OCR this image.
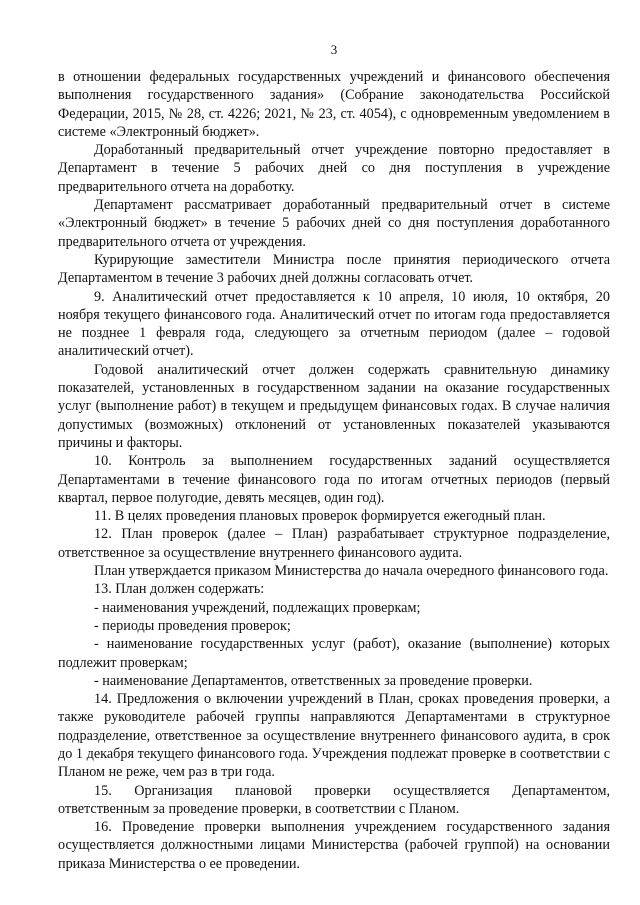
3

в отношении федеральных государственных учреждений и финансового обеспечения выполнения государственного задания» (Собрание законодательства Российской Федерации, 2015, № 28, ст. 4226; 2021, № 23, ст. 4054), с одновременным уведомлением в системе «Электронный бюджет».

Доработанный предварительный отчет учреждение повторно предоставляет в Департамент в течение 5 рабочих дней со дня поступления в учреждение предварительного отчета на доработку.

Департамент рассматривает доработанный предварительный отчет в системе «Электронный бюджет» в течение 5 рабочих дней со дня поступления доработанного предварительного отчета от учреждения.

Курирующие заместители Министра после принятия периодического отчета Департаментом в течение 3 рабочих дней должны согласовать отчет.

9. Аналитический отчет предоставляется к 10 апреля, 10 июля, 10 октября, 20 ноября текущего финансового года. Аналитический отчет по итогам года предоставляется не позднее 1 февраля года, следующего за отчетным периодом (далее – годовой аналитический отчет).

Годовой аналитический отчет должен содержать сравнительную динамику показателей, установленных в государственном задании на оказание государственных услуг (выполнение работ) в текущем и предыдущем финансовых годах. В случае наличия допустимых (возможных) отклонений от установленных показателей указываются причины и факторы.

10. Контроль за выполнением государственных заданий осуществляется Департаментами в течение финансового года по итогам отчетных периодов (первый квартал, первое полугодие, девять месяцев, один год).

11. В целях проведения плановых проверок формируется ежегодный план.

12. План проверок (далее – План) разрабатывает структурное подразделение, ответственное за осуществление внутреннего финансового аудита.

План утверждается приказом Министерства до начала очередного финансового года.

13. План должен содержать:

- наименования учреждений, подлежащих проверкам;

- периоды проведения проверок;

- наименование государственных услуг (работ), оказание (выполнение) которых подлежит проверкам;

- наименование Департаментов, ответственных за проведение проверки.

14. Предложения о включении учреждений в План, сроках проведения проверки, а также руководителе рабочей группы направляются Департаментами в структурное подразделение, ответственное за осуществление внутреннего финансового аудита, в срок до 1 декабря текущего финансового года. Учреждения подлежат проверке в соответствии с Планом не реже, чем раз в три года.

15. Организация плановой проверки осуществляется Департаментом, ответственным за проведение проверки, в соответствии с Планом.

16. Проведение проверки выполнения учреждением государственного задания осуществляется должностными лицами Министерства (рабочей группой) на основании приказа Министерства о ее проведении.
